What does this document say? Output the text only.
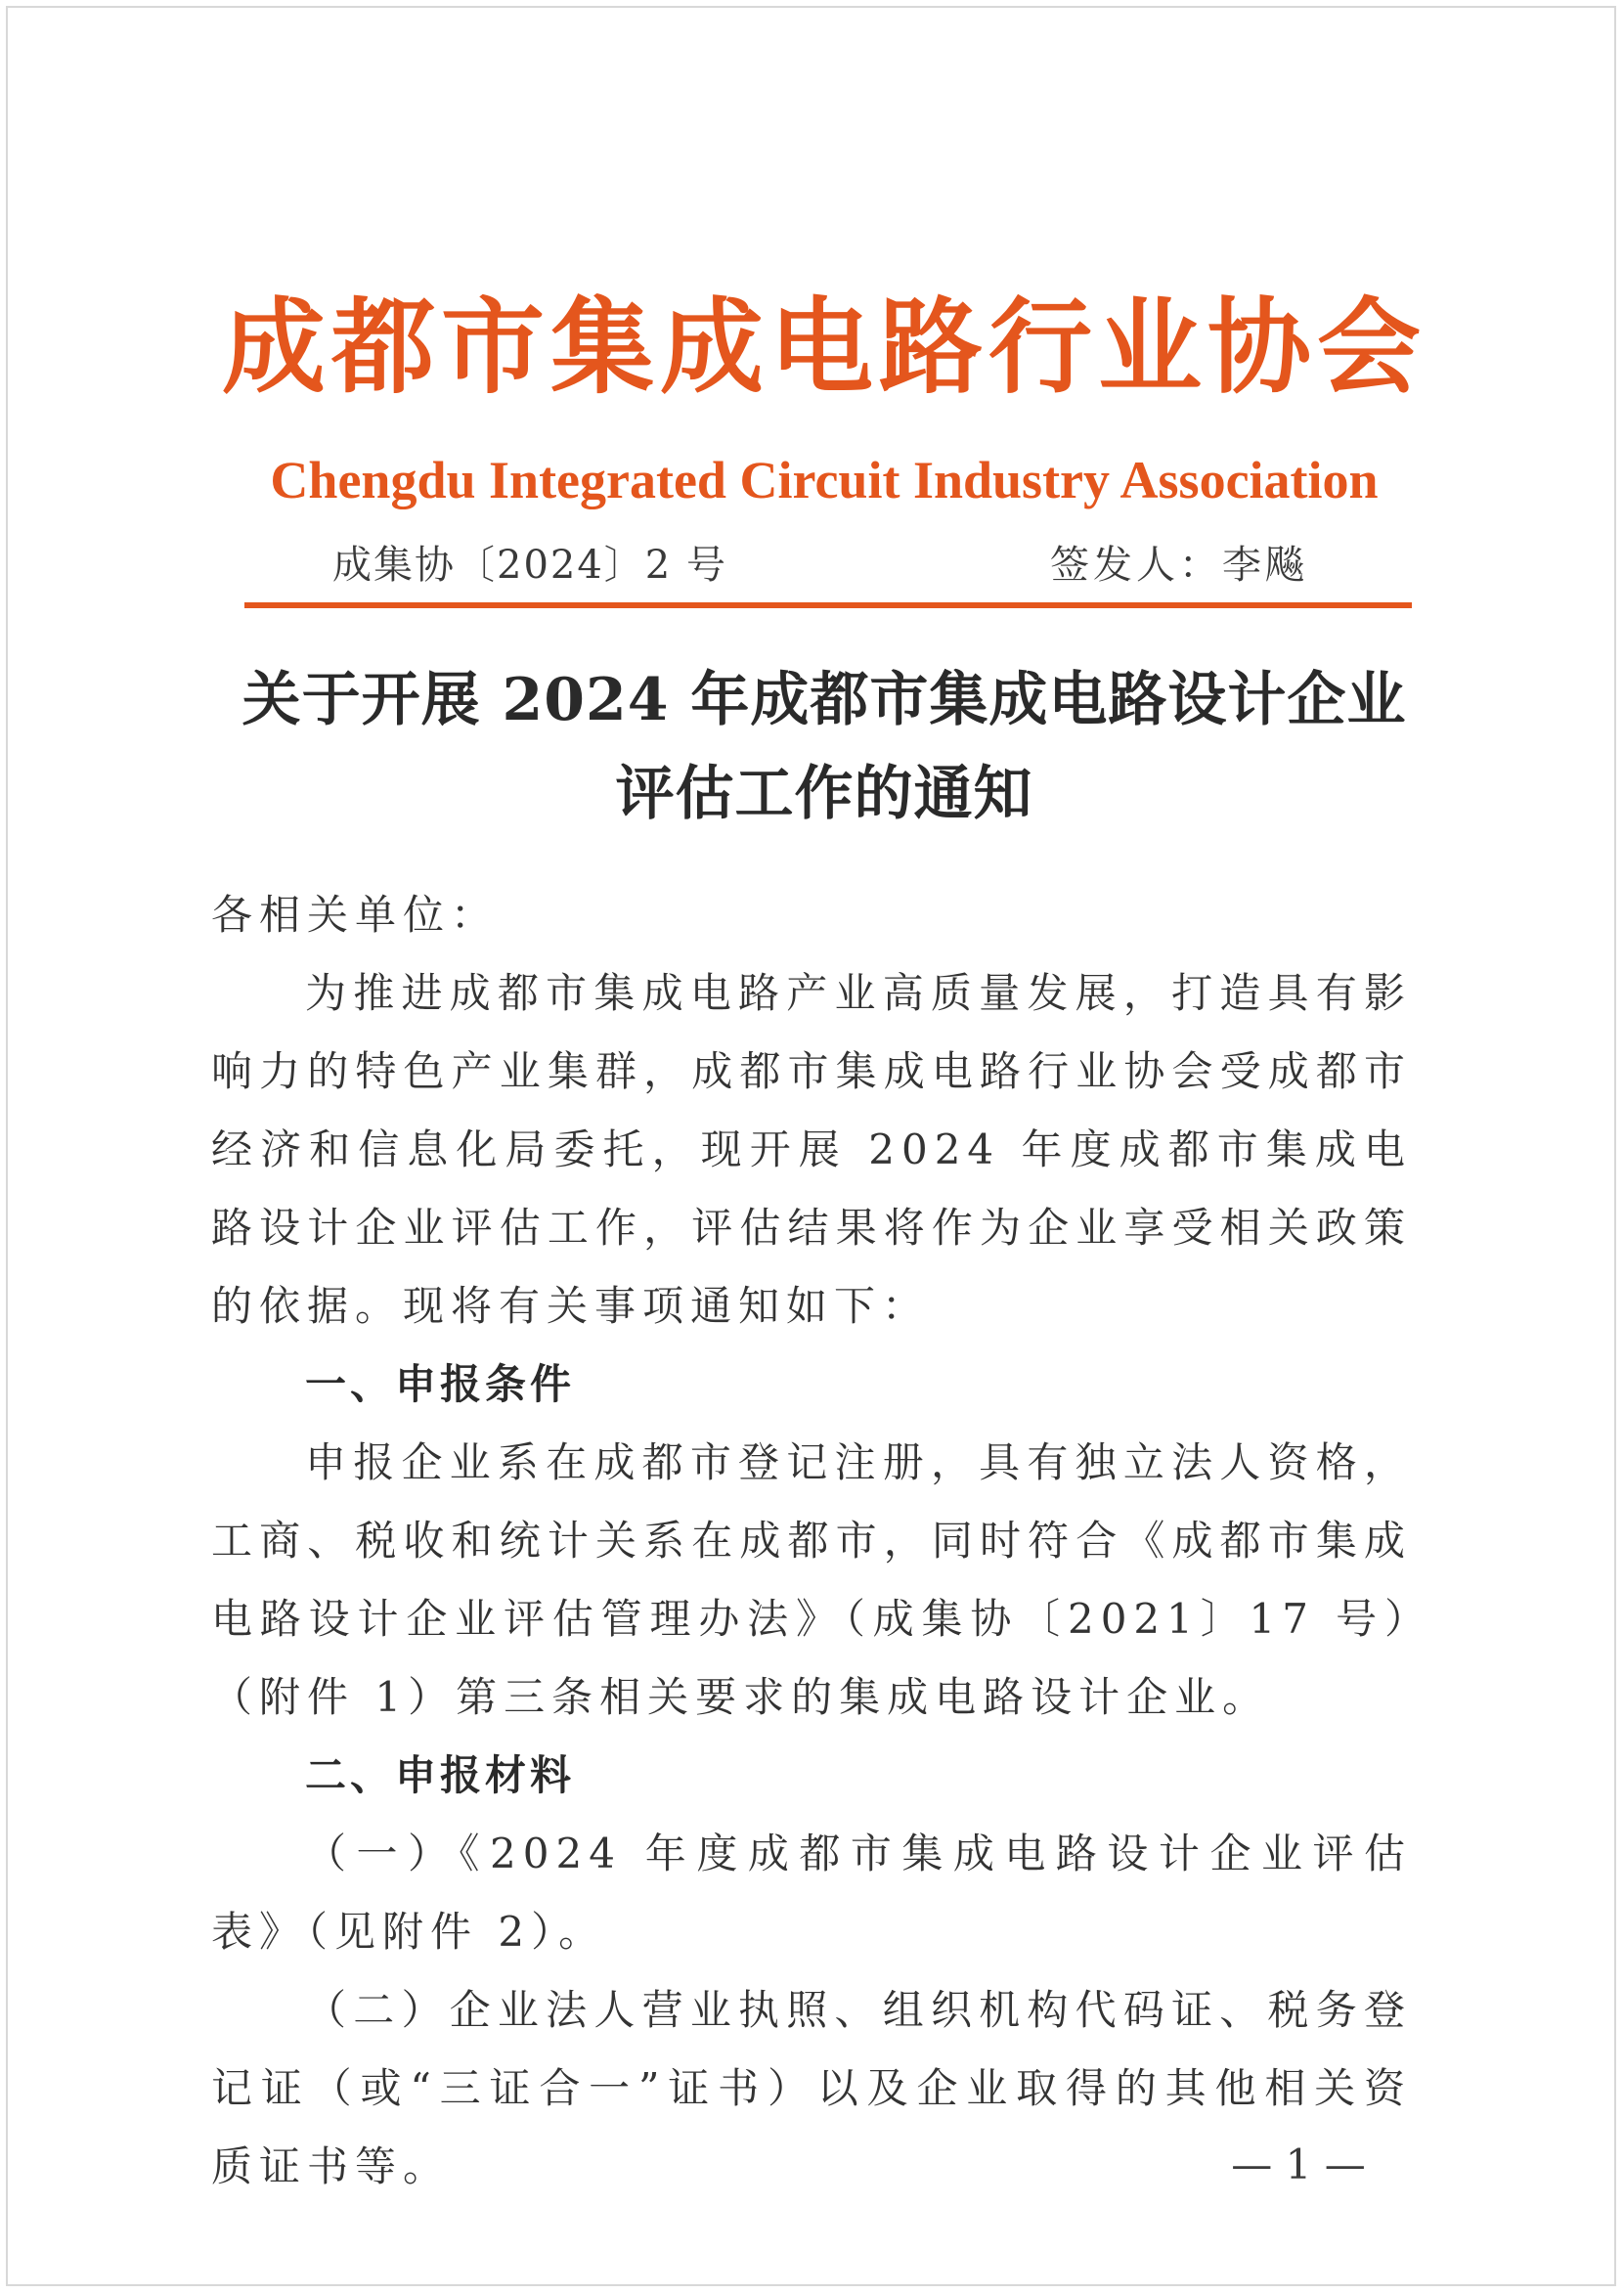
成都市集成电路行业协会
Chengdu Integrated Circuit Industry Association
成集协〔2024〕2 号	签发人：李飚
关于开展 2024 年成都市集成电路设计企业
评估工作的通知

各相关单位：

为推进成都市集成电路产业高质量发展，打造具有影响力的特色产业集群，成都市集成电路行业协会受成都市经济和信息化局委托，现开展 2024 年度成都市集成电路设计企业评估工作，评估结果将作为企业享受相关政策的依据。现将有关事项通知如下：

一、申报条件

申报企业系在成都市登记注册，具有独立法人资格，工商、税收和统计关系在成都市，同时符合《成都市集成电路设计企业评估管理办法》（成集协〔2021〕17 号）（附件 1）第三条相关要求的集成电路设计企业。

二、申报材料

（一）《2024 年度成都市集成电路设计企业评估表》（见附件 2）。

（二）企业法人营业执照、组织机构代码证、税务登记证（或“三证合一”证书）以及企业取得的其他相关资质证书等。	— 1 —
